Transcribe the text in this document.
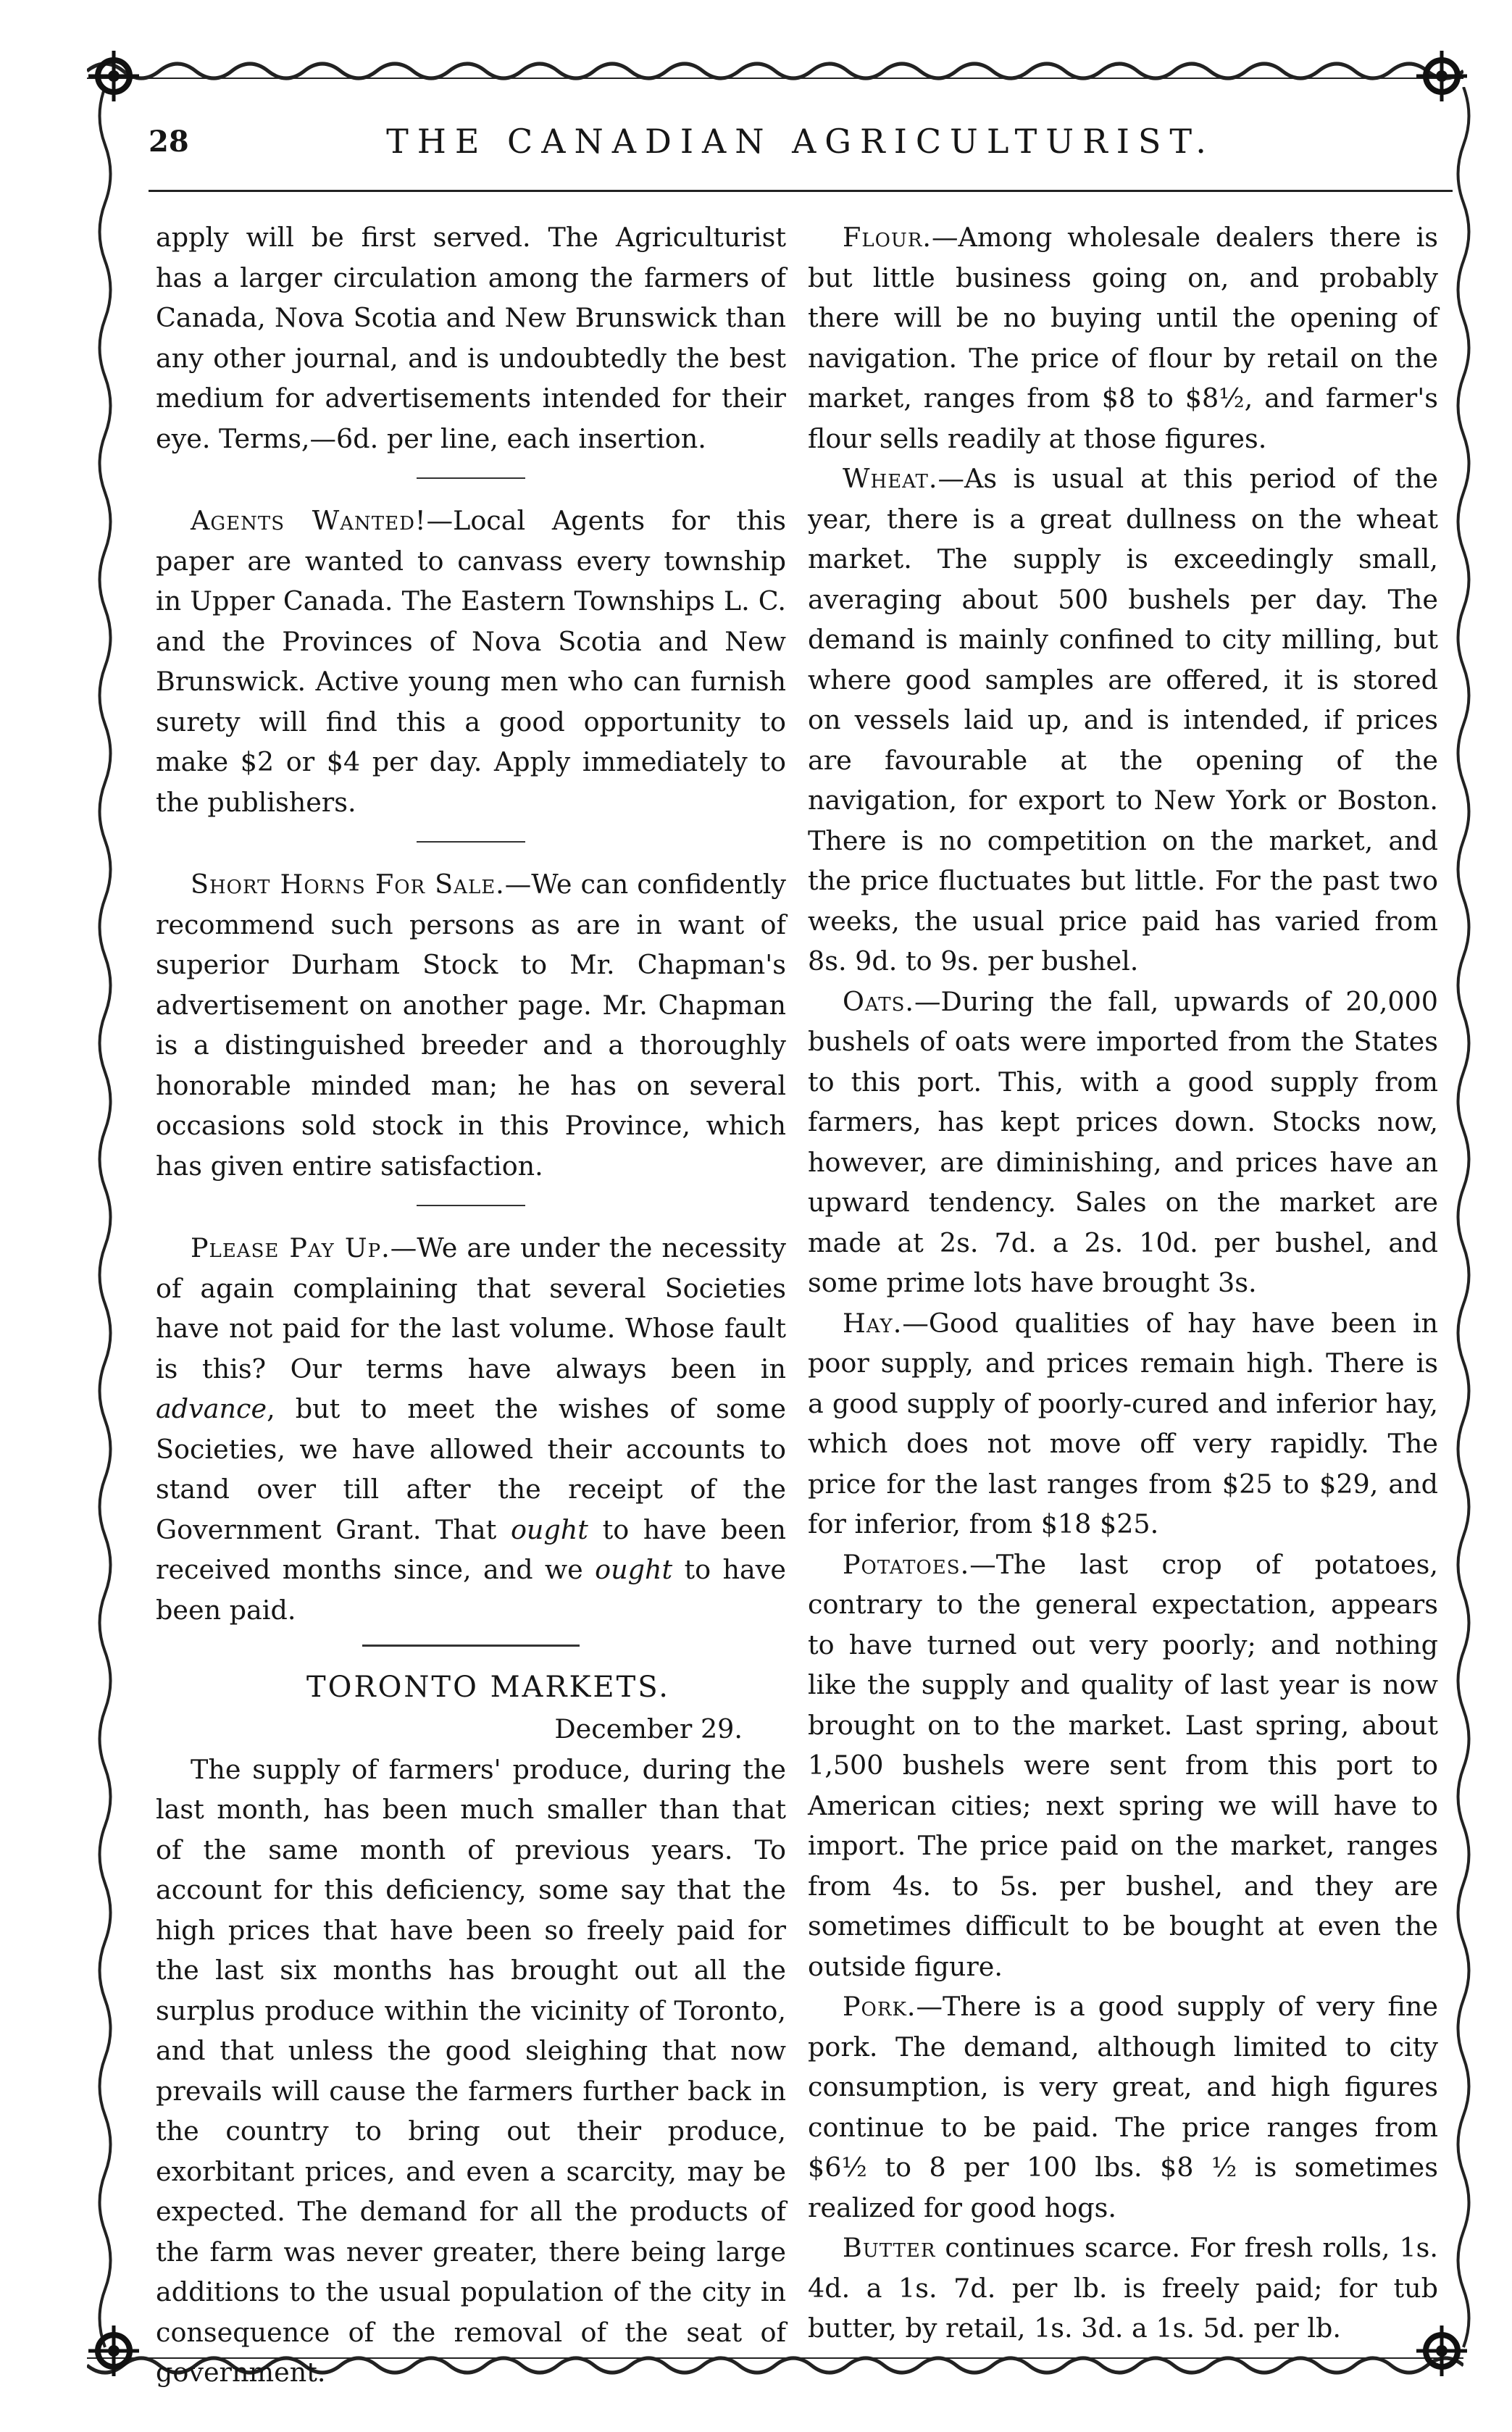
28	THE CANADIAN AGRICULTURIST.

apply will be first served. The Agriculturist has a larger circulation among the farmers of Canada, Nova Scotia and New Brunswick than any other journal, and is undoubtedly the best medium for advertisements intended for their eye. Terms,—6d. per line, each insertion.

Agents Wanted!—Local Agents for this paper are wanted to canvass every township in Upper Canada. The Eastern Townships L. C. and the Provinces of Nova Scotia and New Brunswick. Active young men who can furnish surety will find this a good opportunity to make $2 or $4 per day. Apply immediately to the publishers.

Short Horns For Sale.—We can confidently recommend such persons as are in want of superior Durham Stock to Mr. Chapman's advertisement on another page. Mr. Chapman is a distinguished breeder and a thoroughly honorable minded man; he has on several occasions sold stock in this Province, which has given entire satisfaction.

Please Pay Up.—We are under the necessity of again complaining that several Societies have not paid for the last volume. Whose fault is this? Our terms have always been in advance, but to meet the wishes of some Societies, we have allowed their accounts to stand over till after the receipt of the Government Grant. That ought to have been received months since, and we ought to have been paid.

TORONTO MARKETS.

December 29.

The supply of farmers' produce, during the last month, has been much smaller than that of the same month of previous years. To account for this deficiency, some say that the high prices that have been so freely paid for the last six months has brought out all the surplus produce within the vicinity of Toronto, and that unless the good sleighing that now prevails will cause the farmers further back in the country to bring out their produce, exorbitant prices, and even a scarcity, may be expected. The demand for all the products of the farm was never greater, there being large additions to the usual population of the city in consequence of the removal of the seat of government.

Flour.—Among wholesale dealers there is but little business going on, and probably there will be no buying until the opening of navigation. The price of flour by retail on the market, ranges from $8 to $8½, and farmer's flour sells readily at those figures.

Wheat.—As is usual at this period of the year, there is a great dullness on the wheat market. The supply is exceedingly small, averaging about 500 bushels per day. The demand is mainly confined to city milling, but where good samples are offered, it is stored on vessels laid up, and is intended, if prices are favourable at the opening of the navigation, for export to New York or Boston. There is no competition on the market, and the price fluctuates but little. For the past two weeks, the usual price paid has varied from 8s. 9d. to 9s. per bushel.

Oats.—During the fall, upwards of 20,000 bushels of oats were imported from the States to this port. This, with a good supply from farmers, has kept prices down. Stocks now, however, are diminishing, and prices have an upward tendency. Sales on the market are made at 2s. 7d. a 2s. 10d. per bushel, and some prime lots have brought 3s.

Hay.—Good qualities of hay have been in poor supply, and prices remain high. There is a good supply of poorly-cured and inferior hay, which does not move off very rapidly. The price for the last ranges from $25 to $29, and for inferior, from $18 $25.

Potatoes.—The last crop of potatoes, contrary to the general expectation, appears to have turned out very poorly; and nothing like the supply and quality of last year is now brought on to the market. Last spring, about 1,500 bushels were sent from this port to American cities; next spring we will have to import. The price paid on the market, ranges from 4s. to 5s. per bushel, and they are sometimes difficult to be bought at even the outside figure.

Pork.—There is a good supply of very fine pork. The demand, although limited to city consumption, is very great, and high figures continue to be paid. The price ranges from $6½ to 8 per 100 lbs. $8 ½ is sometimes realized for good hogs.

Butter continues scarce. For fresh rolls, 1s. 4d. a 1s. 7d. per lb. is freely paid; for tub butter, by retail, 1s. 3d. a 1s. 5d. per lb.
